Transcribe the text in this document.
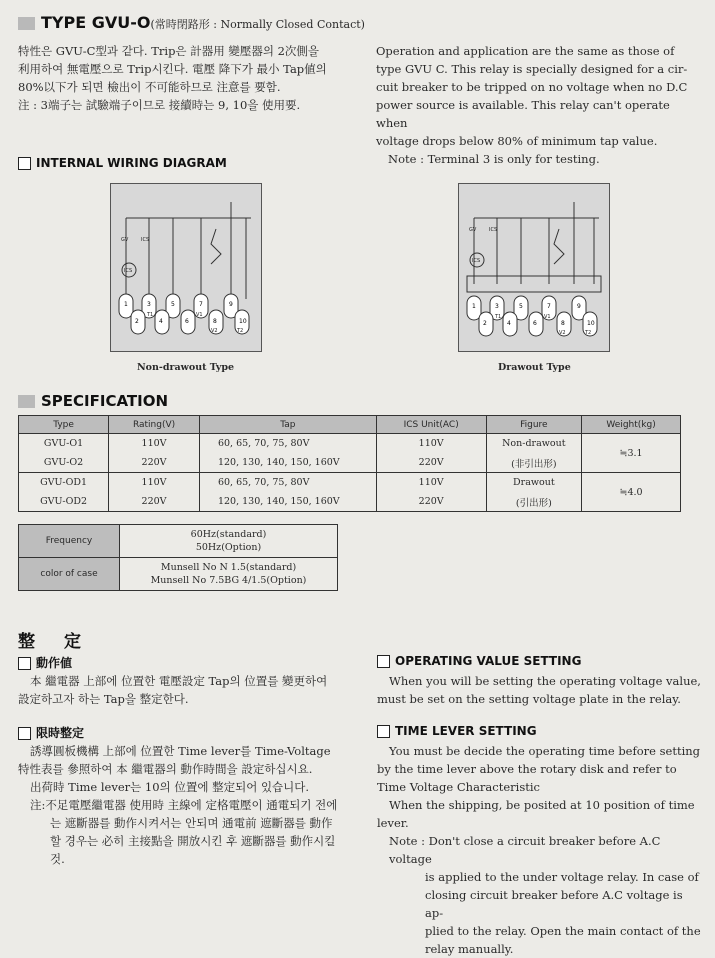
TYPE GVU-O(常時閉路形 : Normally Closed Contact)
特性은 GVU-C型과 같다. Trip은 計器用 變壓器의 2次側을
利用하여 無電壓으로 Trip시킨다. 電壓 降下가 最小 Tap値의
80%以下가 되면 檢出이 不可能하므로 注意를 要함.
注 : 3端子는 試驗端子이므로 接續時는 9, 10을 使用要.
Operation and application are the same as those of
type GVU C. This relay is specially designed for a cir-
cuit breaker to be tripped on no voltage when no D.C
power source is available. This relay can't operate when
voltage drops below 80% of minimum tap value.
Note : Terminal 3 is only for testing.
INTERNAL WIRING DIAGRAM
GV	ICS
ICS
T1	V1
V2	T2
1	3	5	7	9
2	4	6	8	10
Non-drawout Type
GV	ICS
ICS
T1	V1
V2	T2
1	3	5	7	9
2	4	6	8	10
Drawout Type
SPECIFICATION
Type	Rating(V)	Tap	ICS Unit(AC)	Figure	Weight(kg)
GVU-O1	110V	60, 65, 70, 75, 80V	110V	Non-drawout	≒3.1
GVU-O2	220V	120, 130, 140, 150, 160V	220V	(非引出形)	
GVU-OD1	110V	60, 65, 70, 75, 80V	110V	Drawout	≒4.0
GVU-OD2	220V	120, 130, 140, 150, 160V	220V	(引出形)	
Frequency	60Hz(standard)
50Hz(Option)

color of case	Munsell No N 1.5(standard)
Munsell No 7.5BG 4/1.5(Option)
整　定
動作値
本 繼電器 上部에 位置한 電壓設定 Tap의 位置를 變更하여
設定하고자 하는 Tap을 整定한다.
限時整定
誘導圓板機構 上部에 位置한 Time lever를 Time-Voltage
特性表를 參照하여 本 繼電器의 動作時間을 設定하십시요.
出荷時 Time lever는 10의 位置에 整定되어 있습니다.
注:不足電壓繼電器 使用時 主線에 定格電壓이 通電되기 전에
는 遮斷器를 動作시켜서는 안되며 通電前 遮斷器를 動作
할 경우는 必히 主接點을 開放시킨 후 遮斷器를 動作시킬
것.
OPERATING VALUE SETTING
When you will be setting the operating voltage value,
must be set on the setting voltage plate in the relay.
TIME LEVER SETTING
You must be decide the operating time before setting
by the time lever above the rotary disk and refer to
Time Voltage Characteristic
When the shipping, be posited at 10 position of time
lever.
Note : Don't close a circuit breaker before A.C voltage
is applied to the under voltage relay. In case of
closing circuit breaker before A.C voltage is ap-
plied to the relay. Open the main contact of the
relay manually.
